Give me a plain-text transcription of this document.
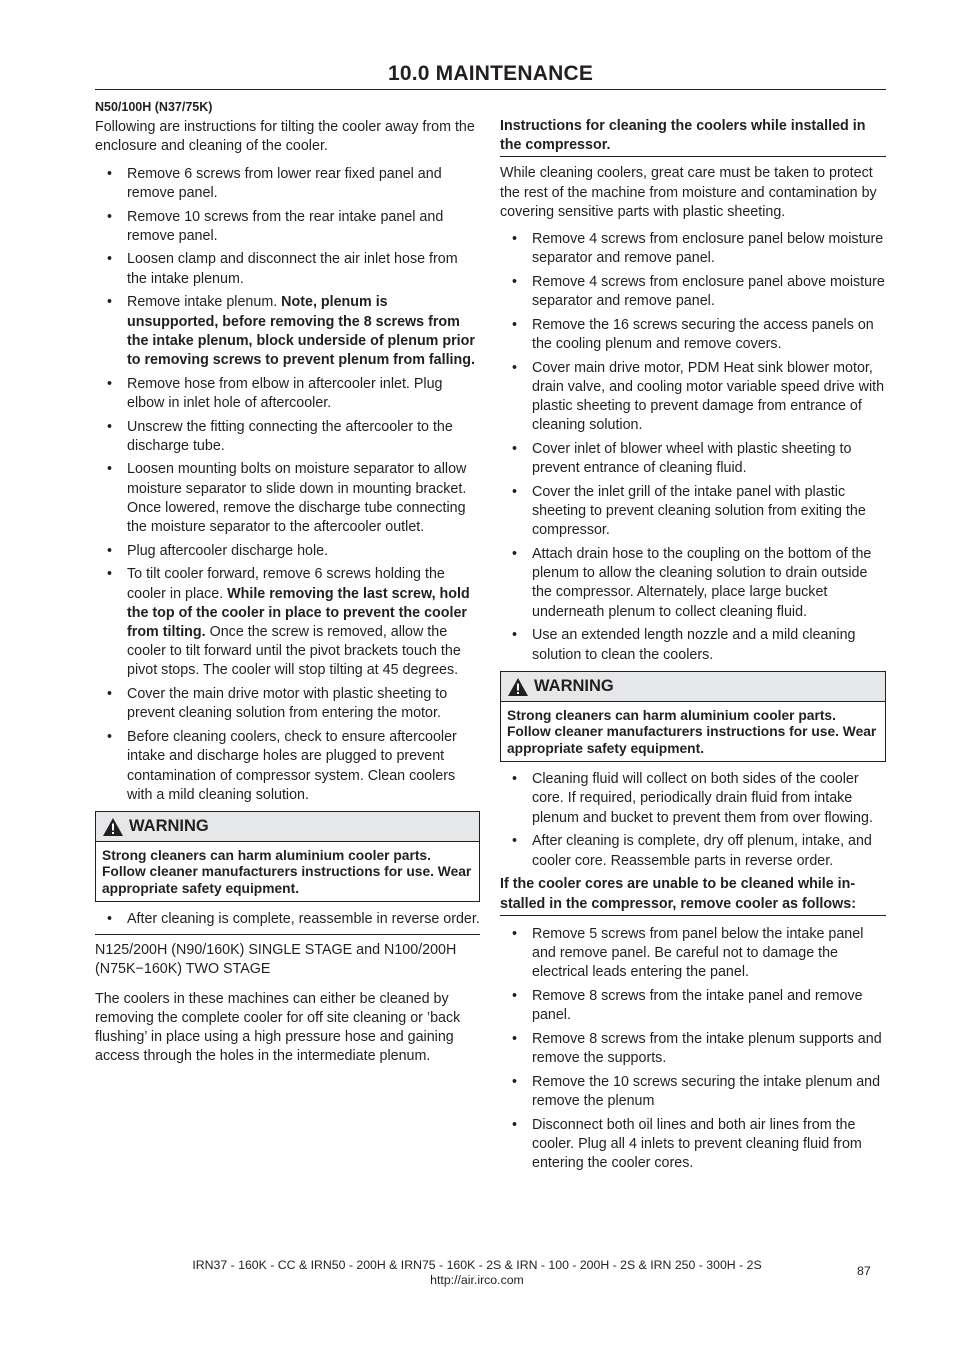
10.0 MAINTENANCE

N50/100H (N37/75K)

Following are instructions for tilting the cooler away from the enclosure and cleaning of the cooler.

• Remove 6 screws from lower rear fixed panel and remove panel.
• Remove 10 screws from the rear intake panel and remove panel.
• Loosen clamp and disconnect the air inlet hose from the intake plenum.
• Remove intake plenum. Note, plenum is unsupported, before removing the 8 screws from the intake plenum, block underside of plenum prior to removing screws to prevent plenum from falling.
• Remove hose from elbow in aftercooler inlet. Plug elbow in inlet hole of aftercooler.
• Unscrew the fitting connecting the aftercooler to the discharge tube.
• Loosen mounting bolts on moisture separator to allow moisture separator to slide down in mounting bracket. Once lowered, remove the discharge tube connecting the moisture separator to the aftercooler outlet.
• Plug aftercooler discharge hole.
• To tilt cooler forward, remove 6 screws holding the cooler in place. While removing the last screw, hold the top of the cooler in place to prevent the cooler from tilting. Once the screw is removed, allow the cooler to tilt forward until the pivot brackets touch the pivot stops. The cooler will stop tilting at 45 degrees.
• Cover the main drive motor with plastic sheeting to prevent cleaning solution from entering the motor.
• Before cleaning coolers, check to ensure aftercooler intake and discharge holes are plugged to prevent contamination of compressor system. Clean coolers with a mild cleaning solution.
WARNING
Strong cleaners can harm aluminium cooler parts. Follow cleaner manufacturers instructions for use. Wear appropriate safety equipment.
• After cleaning is complete, reassemble in reverse order.

N125/200H (N90/160K) SINGLE STAGE and N100/200H (N75K−160K) TWO STAGE

The coolers in these machines can either be cleaned by removing the complete cooler for off site cleaning or ’back flushing’ in place using a high pressure hose and gaining access through the holes in the intermediate plenum.

Instructions for cleaning the coolers while installed in the compressor.

While cleaning coolers, great care must be taken to protect the rest of the machine from moisture and contamination by covering sensitive parts with plastic sheeting.

• Remove 4 screws from enclosure panel below moisture separator and remove panel.
• Remove 4 screws from enclosure panel above moisture separator and remove panel.
• Remove the 16 screws securing the access panels on the cooling plenum and remove covers.
• Cover main drive motor, PDM Heat sink blower motor, drain valve, and cooling motor variable speed drive with plastic sheeting to prevent damage from entrance of cleaning solution.
• Cover inlet of blower wheel with plastic sheeting to prevent entrance of cleaning fluid.
• Cover the inlet grill of the intake panel with plastic sheeting to prevent cleaning solution from exiting the compressor.
• Attach drain hose to the coupling on the bottom of the plenum to allow the cleaning solution to drain outside the compressor. Alternately, place large bucket underneath plenum to collect cleaning fluid.
• Use an extended length nozzle and a mild cleaning solution to clean the coolers.
WARNING
Strong cleaners can harm aluminium cooler parts. Follow cleaner manufacturers instructions for use. Wear appropriate safety equipment.
• Cleaning fluid will collect on both sides of the cooler core. If required, periodically drain fluid from intake plenum and bucket to prevent them from over flowing.
• After cleaning is complete, dry off plenum, intake, and cooler core. Reassemble parts in reverse order.

If the cooler cores are unable to be cleaned while in-stalled in the compressor, remove cooler as follows:

• Remove 5 screws from panel below the intake panel and remove panel. Be careful not to damage the electrical leads entering the panel.
• Remove 8 screws from the intake panel and remove panel.
• Remove 8 screws from the intake plenum supports and remove the supports.
• Remove the 10 screws securing the intake plenum and remove the plenum
• Disconnect both oil lines and both air lines from the cooler. Plug all 4 inlets to prevent cleaning fluid from entering the cooler cores.
IRN37 - 160K - CC & IRN50 - 200H & IRN75 - 160K - 2S & IRN - 100 - 200H - 2S & IRN 250 - 300H - 2S
http://air.irco.com
87
